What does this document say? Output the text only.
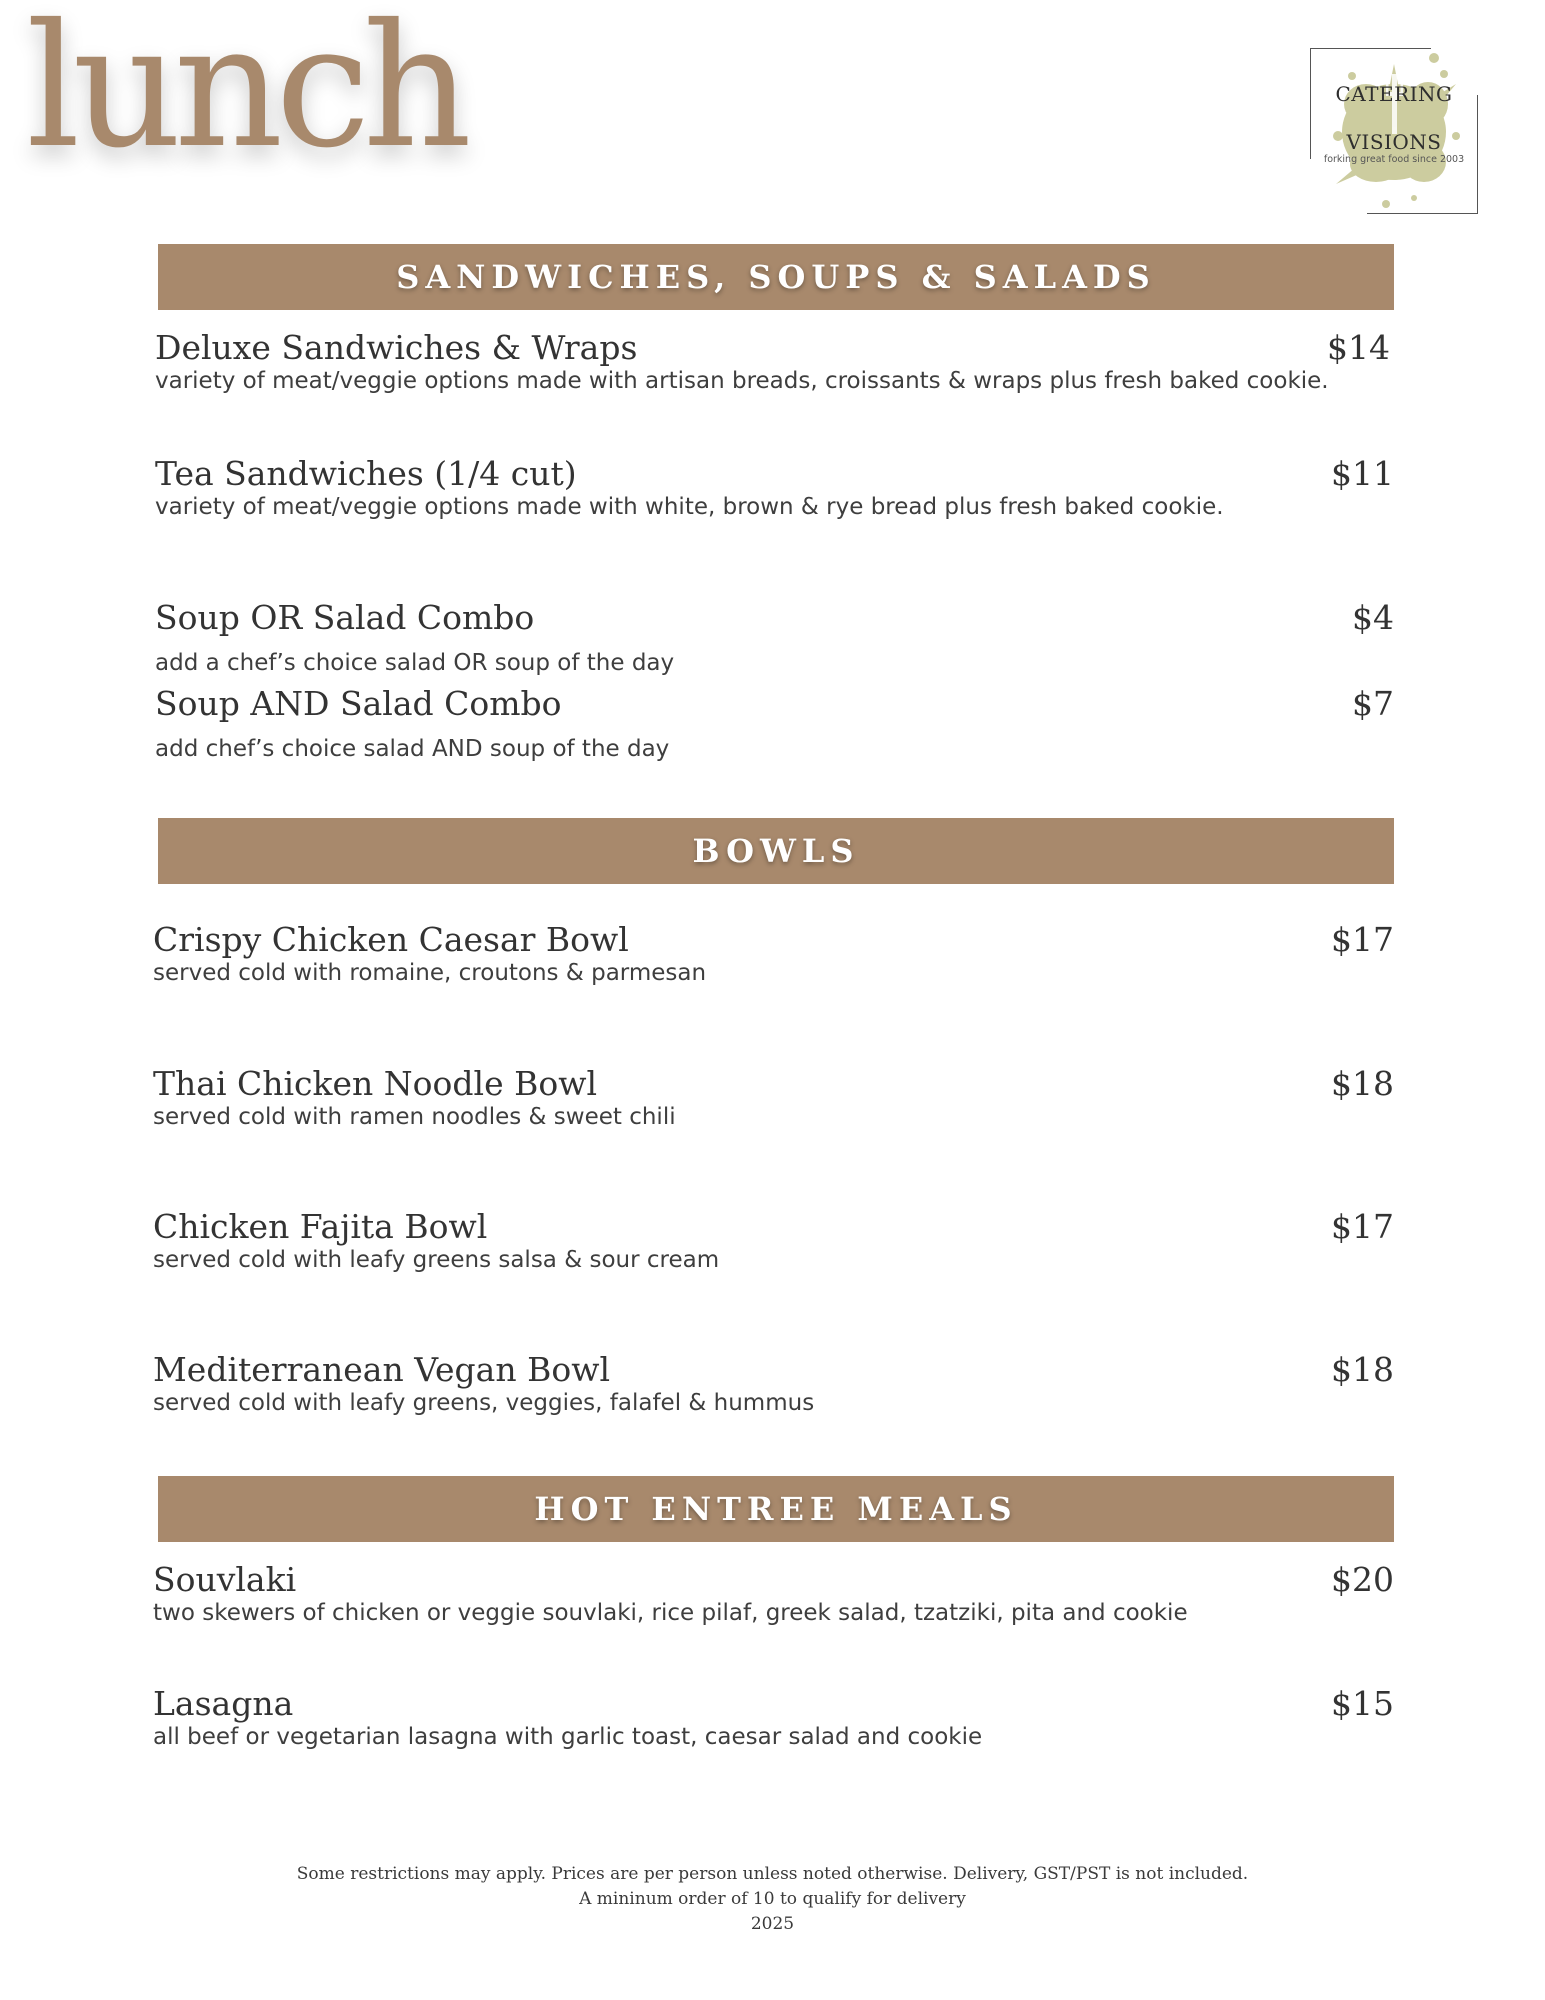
lunch	CATERING
VISIONS
forking great food since 2003
SANDWICHES, SOUPS & SALADS
Deluxe Sandwiches & Wraps	$14
variety of meat/veggie options made with artisan breads, croissants & wraps plus fresh baked cookie.
Tea Sandwiches (1/4 cut)	$11
variety of meat/veggie options made with white, brown & rye bread plus fresh baked cookie.
Soup OR Salad Combo	$4
add a chef’s choice salad OR soup of the day
Soup AND Salad Combo	$7
add chef’s choice salad AND soup of the day
BOWLS
Crispy Chicken Caesar Bowl	$17
served cold with romaine, croutons & parmesan
Thai Chicken Noodle Bowl	$18
served cold with ramen noodles & sweet chili
Chicken Fajita Bowl	$17
served cold with leafy greens salsa & sour cream
Mediterranean Vegan Bowl	$18
served cold with leafy greens, veggies, falafel & hummus
HOT ENTREE MEALS
Souvlaki	$20
two skewers of chicken or veggie souvlaki, rice pilaf, greek salad, tzatziki, pita and cookie
Lasagna	$15
all beef or vegetarian lasagna with garlic toast, caesar salad and cookie
Some restrictions may apply. Prices are per person unless noted otherwise. Delivery, GST/PST is not included.
A mininum order of 10 to qualify for delivery
2025
